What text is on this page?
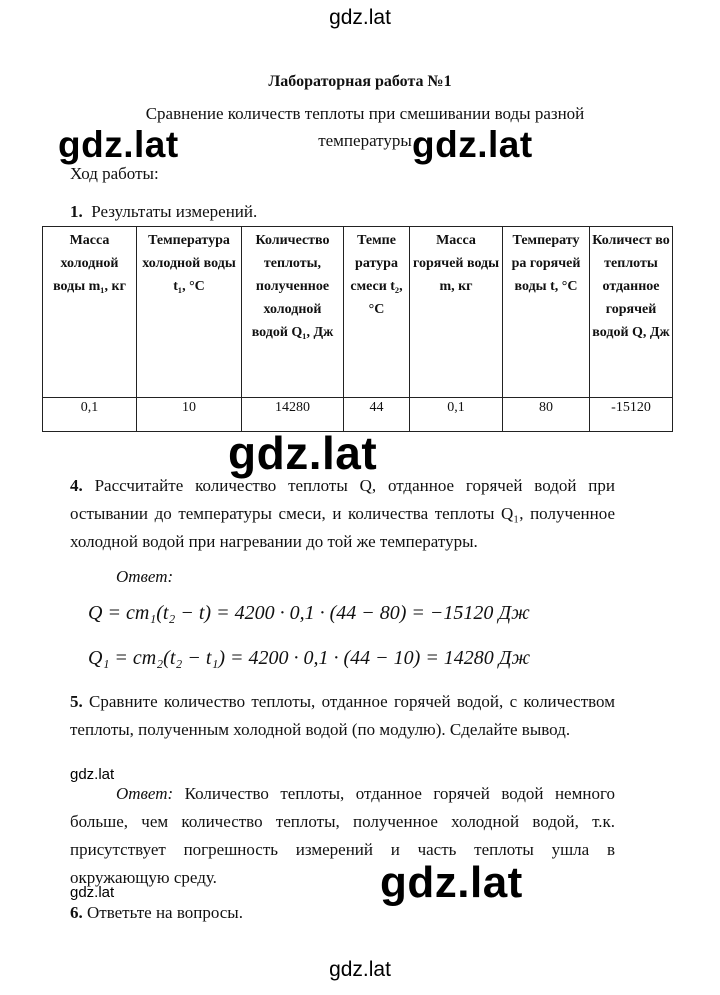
gdz.lat
gdz.lat	gdz.lat
gdz.lat
gdz.lat
gdz.lat	gdz.lat
gdz.lat
Лабораторная работа №1
Сравнение количеств теплоты при смешивании воды разной температуры
Ход работы:
1. Результаты измерений.
Масса холодной воды m₁, кг	Температура холодной воды t₁, °C	Количество теплоты, полученное холодной водой Q₁, Дж	Темпе ратура смеси t₂, °C	Масса горячей воды m, кг	Температу ра горячей воды t, °C	Количест во теплоты отданное горячей водой Q, Дж
0,1	10	14280	44	0,1	80	-15120
4. Рассчитайте количество теплоты Q, отданное горячей водой при остывании до температуры смеси, и количества теплоты Q₁, полученное холодной водой при нагревании до той же температуры.
Ответ:
Q = cm₁(t₂ − t) = 4200 · 0,1 · (44 − 80) = −15120 Дж
Q₁ = cm₂(t₂ − t₁) = 4200 · 0,1 · (44 − 10) = 14280 Дж
5. Сравните количество теплоты, отданное горячей водой, с количеством теплоты, полученным холодной водой (по модулю). Сделайте вывод.
Ответ: Количество теплоты, отданное горячей водой немного больше, чем количество теплоты, полученное холодной водой, т.к. присутствует погрешность измерений и часть теплоты ушла в окружающую среду.
6. Ответьте на вопросы.
